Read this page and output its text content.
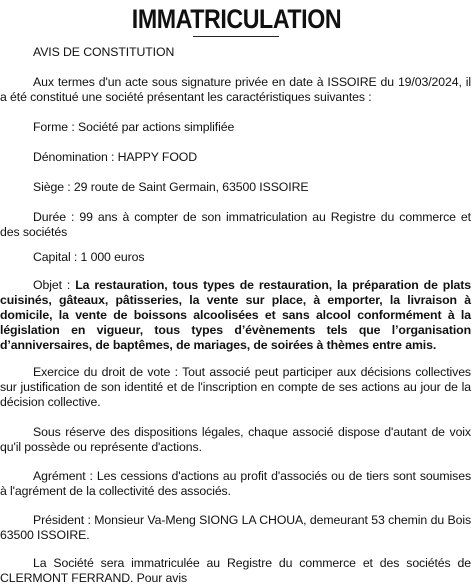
IMMATRICULATION

AVIS DE CONSTITUTION

Aux termes d'un acte sous signature privée en date à ISSOIRE du 19/03/2024, il a été constitué une société présentant les caractéristiques suivantes :

Forme : Société par actions simplifiée

Dénomination : HAPPY FOOD

Siège : 29 route de Saint Germain, 63500 ISSOIRE

Durée : 99 ans à compter de son immatriculation au Registre du commerce et des sociétés

Capital : 1 000 euros

Objet : La restauration, tous types de restauration, la préparation de plats cuisinés, gâteaux, pâtisseries, la vente sur place, à emporter, la livraison à domicile, la vente de boissons alcoolisées et sans alcool conformément à la législation en vigueur, tous types d’évènements tels que l’organisation d’anniversaires, de baptêmes, de mariages, de soirées à thèmes entre amis.

Exercice du droit de vote : Tout associé peut participer aux décisions collectives sur justification de son identité et de l'inscription en compte de ses actions au jour de la décision collective.

Sous réserve des dispositions légales, chaque associé dispose d'autant de voix qu'il possède ou représente d'actions.

Agrément : Les cessions d'actions au profit d'associés ou de tiers sont soumises à l'agrément de la collectivité des associés.

Président : Monsieur Va-Meng SIONG LA CHOUA, demeurant 53 chemin du Bois 63500 ISSOIRE.

La Société sera immatriculée au Registre du commerce et des sociétés de CLERMONT FERRAND. Pour avis
